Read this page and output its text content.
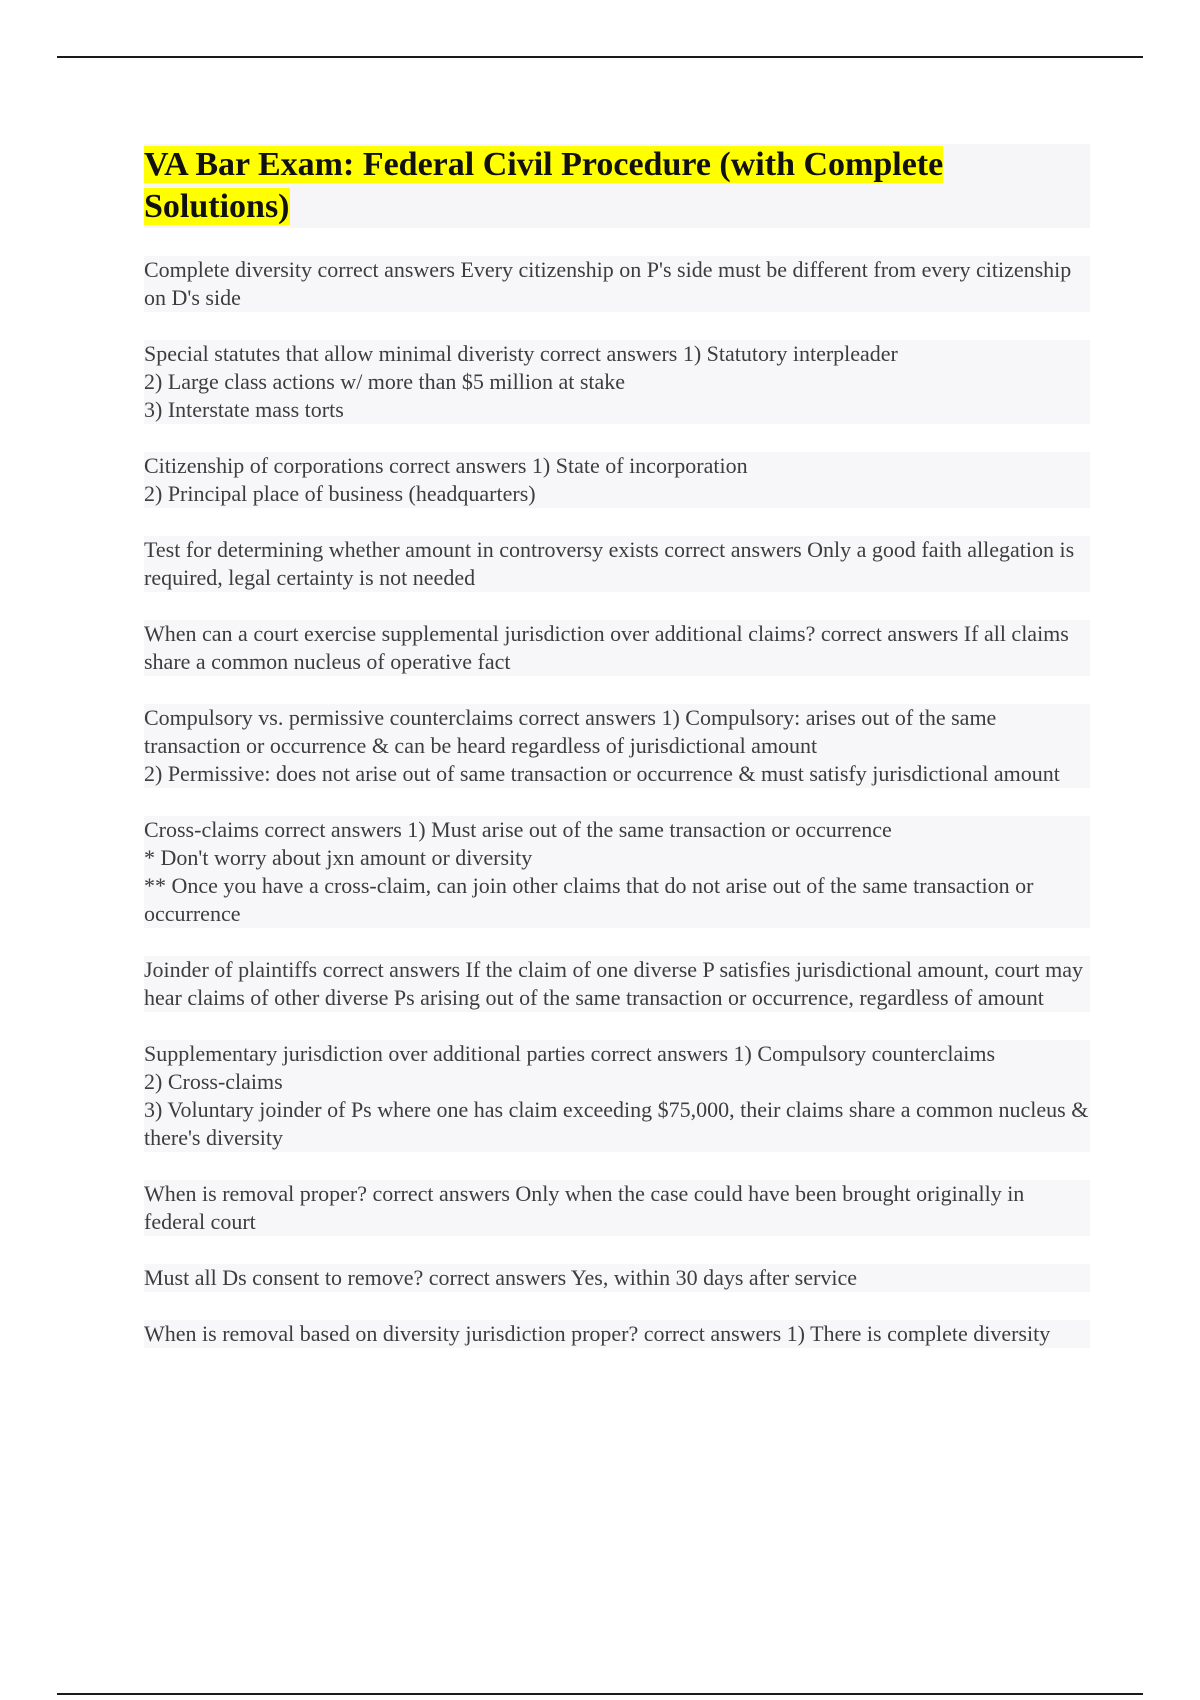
VA Bar Exam: Federal Civil Procedure (with Complete Solutions)

Complete diversity correct answers Every citizenship on P's side must be different from every citizenship on D's side

Special statutes that allow minimal diveristy correct answers 1) Statutory interpleader
2) Large class actions w/ more than $5 million at stake
3) Interstate mass torts

Citizenship of corporations correct answers 1) State of incorporation
2) Principal place of business (headquarters)

Test for determining whether amount in controversy exists correct answers Only a good faith allegation is required, legal certainty is not needed

When can a court exercise supplemental jurisdiction over additional claims? correct answers If all claims share a common nucleus of operative fact

Compulsory vs. permissive counterclaims correct answers 1) Compulsory: arises out of the same transaction or occurrence & can be heard regardless of jurisdictional amount
2) Permissive: does not arise out of same transaction or occurrence & must satisfy jurisdictional amount

Cross-claims correct answers 1) Must arise out of the same transaction or occurrence
* Don't worry about jxn amount or diversity
** Once you have a cross-claim, can join other claims that do not arise out of the same transaction or occurrence

Joinder of plaintiffs correct answers If the claim of one diverse P satisfies jurisdictional amount, court may hear claims of other diverse Ps arising out of the same transaction or occurrence, regardless of amount

Supplementary jurisdiction over additional parties correct answers 1) Compulsory counterclaims
2) Cross-claims
3) Voluntary joinder of Ps where one has claim exceeding $75,000, their claims share a common nucleus & there's diversity

When is removal proper? correct answers Only when the case could have been brought originally in federal court

Must all Ds consent to remove? correct answers Yes, within 30 days after service

When is removal based on diversity jurisdiction proper? correct answers 1) There is complete diversity
